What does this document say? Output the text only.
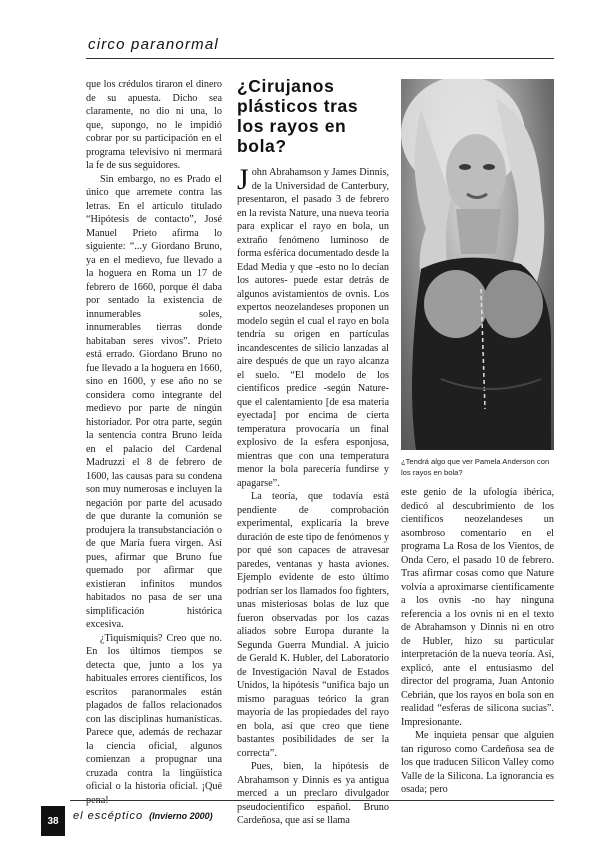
circo paranormal

que los crédulos tiraron el dinero de su apuesta. Dicho sea claramente, no dio ni una, lo que, supongo, no le impidió cobrar por su participación en el programa televisivo ni mermará la fe de sus seguidores.

Sin embargo, no es Prado el único que arremete contra las letras. En el artículo titulado “Hipótesis de contacto”, José Manuel Prieto afirma lo siguiente: “...y Giordano Bruno, ya en el medievo, fue llevado a la hoguera en Roma un 17 de febrero de 1660, porque él daba por sentado la existencia de innumerables soles, innumerables tierras donde habitaban seres vivos”. Prieto está errado. Giordano Bruno no fue llevado a la hoguera en 1660, sino en 1600, y ese año no se considera como integrante del medievo por parte de ningún historiador. Por otra parte, según la sentencia contra Bruno leída en el palacio del Cardenal Madruzzi el 8 de febrero de 1600, las causas para su condena son muy numerosas e incluyen la negación por parte del acusado de que durante la comunión se produjera la transubstanciación o de que María fuera virgen. Así pues, afirmar que Bruno fue quemado por afirmar que existieran infinitos mundos habitados no pasa de ser una simplificación histórica excesiva.

¿Tiquismiquis? Creo que no. En los últimos tiempos se detecta que, junto a los ya habituales errores científicos, los escritos paranormales están plagados de fallos relacionados con las disciplinas humanísticas. Parece que, además de rechazar la ciencia oficial, algunos comienzan a propugnar una cruzada contra la lingüística oficial o la historia oficial. ¡Qué pena!

¿Cirujanos plásticos tras los rayos en bola?

John Abrahamson y James Dinnis, de la Universidad de Canterbury, presentaron, el pasado 3 de febrero en la revista Nature, una nueva teoría para explicar el rayo en bola, un extraño fenómeno luminoso de forma esférica documentado desde la Edad Media y que -esto no lo decían los autores- puede estar detrás de algunos avistamientos de ovnis. Los expertos neozelandeses proponen un modelo según el cual el rayo en bola tendría su origen en partículas incandescentes de silicio lanzadas al aire después de que un rayo alcanza el suelo. “El modelo de los científicos predice -según Nature- que el calentamiento [de esa materia eyectada] por encima de cierta temperatura provocaría un final explosivo de la esfera esponjosa, mientras que con una temperatura menor la bola parecería fundirse y apagarse”.

La teoría, que todavía está pendiente de comprobación experimental, explicaría la breve duración de este tipo de fenómenos y por qué son capaces de atravesar paredes, ventanas y hasta aviones. Ejemplo evidente de esto último podrían ser los llamados foo fighters, unas misteriosas bolas de luz que fueron observadas por los cazas aliados sobre Europa durante la Segunda Guerra Mundial. A juicio de Gerald K. Hubler, del Laboratorio de Investigación Naval de Estados Unidos, la hipótesis “unifica bajo un mismo paraguas teórico la gran mayoría de las propiedades del rayo en bola, así que creo que tiene bastantes posibilidades de ser la correcta”.

Pues, bien, la hipótesis de Abrahamson y Dinnis es ya antigua merced a un preclaro divulgador pseudocientífico español. Bruno Cardeñosa, que así se llama

¿Tendrá algo que ver Pamela Anderson con los rayos en bola?

este genio de la ufología ibérica, dedicó al descubrimiento de los científicos neozelandeses un asombroso comentario en el programa La Rosa de los Vientos, de Onda Cero, el pasado 10 de febrero. Tras afirmar cosas como que Nature volvía a aproximarse científicamente a los ovnis -no hay ninguna referencia a los ovnis ni en el texto de Abrahamson y Dinnis ni en otro de Hubler, hizo su particular interpretación de la nueva teoría. Así, explicó, ante el entusiasmo del director del programa, Juan Antonio Cebrián, que los rayos en bola son en realidad “esferas de silicona sucias”. Impresionante.

Me inquieta pensar que alguien tan riguroso como Cardeñosa sea de los que traducen Silicon Valley como Valle de la Silicona. La ignorancia es osada; pero

38	el escéptico (Invierno 2000)
